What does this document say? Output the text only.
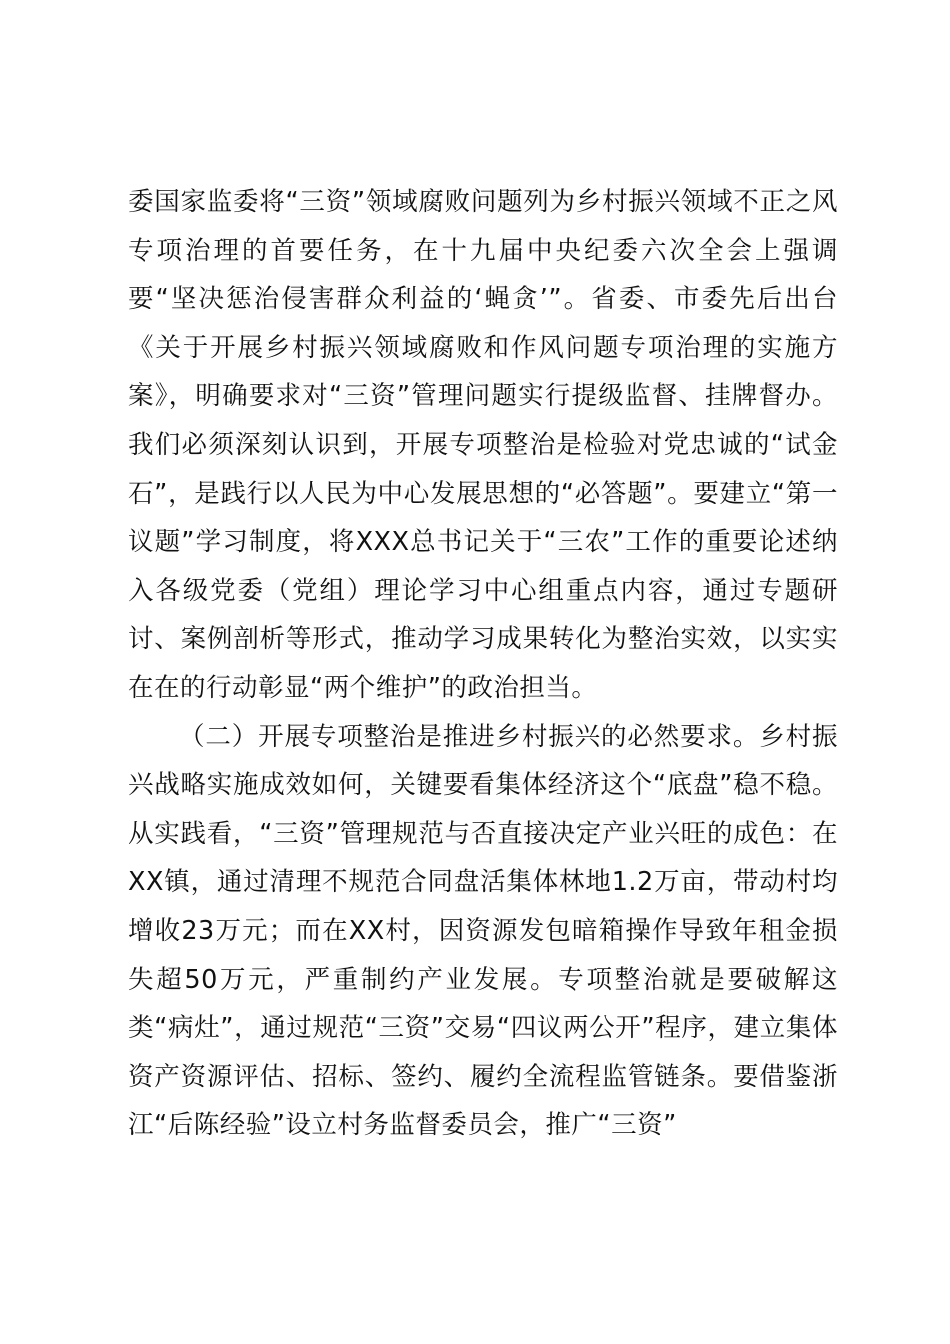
委国家监委将“三资”领域腐败问题列为乡村振兴领域不正之风专项治理的首要任务，在十九届中央纪委六次全会上强调要“坚决惩治侵害群众利益的‘蝇贪’”。省委、市委先后出台《关于开展乡村振兴领域腐败和作风问题专项治理的实施方案》，明确要求对“三资”管理问题实行提级监督、挂牌督办。我们必须深刻认识到，开展专项整治是检验对党忠诚的“试金石”，是践行以人民为中心发展思想的“必答题”。要建立“第一议题”学习制度，将XXX总书记关于“三农”工作的重要论述纳入各级党委（党组）理论学习中心组重点内容，通过专题研讨、案例剖析等形式，推动学习成果转化为整治实效，以实实在在的行动彰显“两个维护”的政治担当。

（二）开展专项整治是推进乡村振兴的必然要求。乡村振兴战略实施成效如何，关键要看集体经济这个“底盘”稳不稳。从实践看，“三资”管理规范与否直接决定产业兴旺的成色：在XX镇，通过清理不规范合同盘活集体林地1.2万亩，带动村均增收23万元；而在XX村，因资源发包暗箱操作导致年租金损失超50万元，严重制约产业发展。专项整治就是要破解这类“病灶”，通过规范“三资”交易“四议两公开”程序，建立集体资产资源评估、招标、签约、履约全流程监管链条。要借鉴浙江“后陈经验”设立村务监督委员会，推广“三资”
